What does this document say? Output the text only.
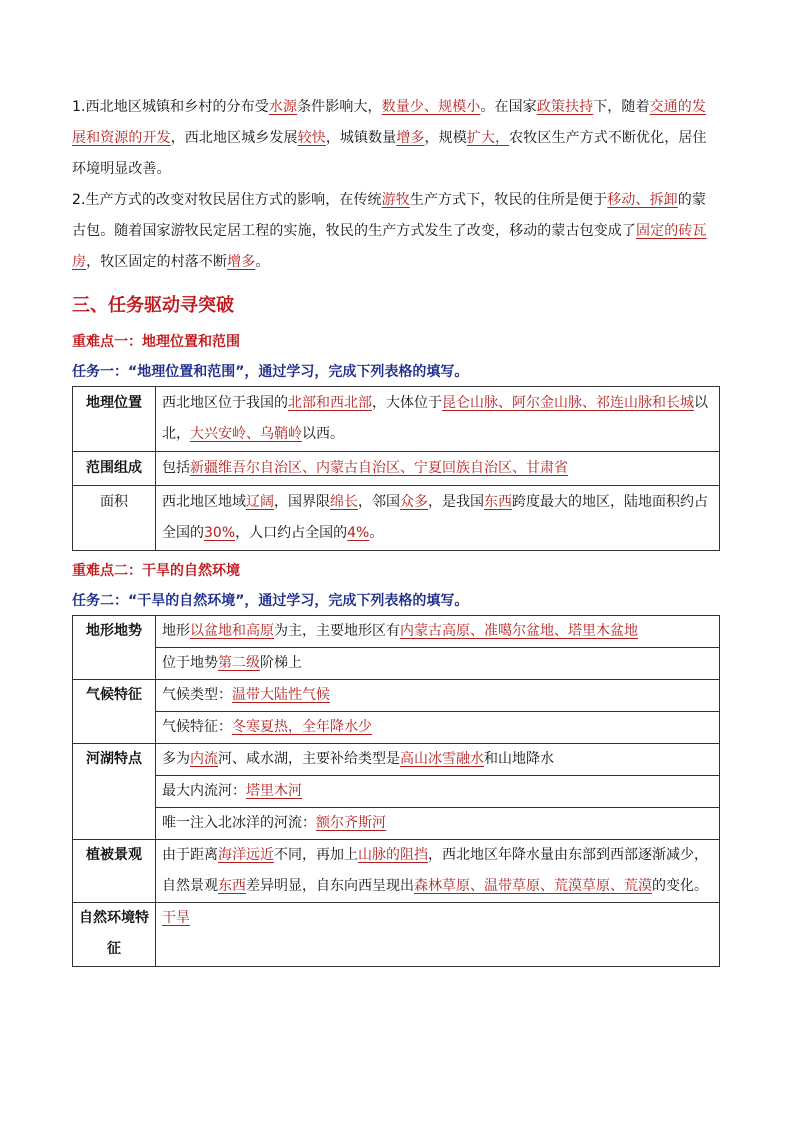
1.西北地区城镇和乡村的分布受水源条件影响大，数量少、规模小。在国家政策扶持下，随着交通的发展和资源的开发，西北地区城乡发展较快，城镇数量增多，规模扩大，农牧区生产方式不断优化，居住环境明显改善。

2.生产方式的改变对牧民居住方式的影响，在传统游牧生产方式下，牧民的住所是便于移动、拆卸的蒙古包。随着国家游牧民定居工程的实施，牧民的生产方式发生了改变，移动的蒙古包变成了固定的砖瓦房，牧区固定的村落不断增多。

三、任务驱动寻突破
重难点一：地理位置和范围
任务一：“地理位置和范围”，通过学习，完成下列表格的填写。
地理位置	西北地区位于我国的北部和西北部，大体位于昆仑山脉、阿尔金山脉、祁连山脉和长城以北，大兴安岭、乌鞘岭以西。
范围组成	包括新疆维吾尔自治区、内蒙古自治区、宁夏回族自治区、甘肃省
面积	西北地区地域辽阔，国界限绵长，邻国众多，是我国东西跨度最大的地区，陆地面积约占全国的30%，人口约占全国的4%。
重难点二：干旱的自然环境
任务二：“干旱的自然环境”，通过学习，完成下列表格的填写。
地形地势	地形以盆地和高原为主，主要地形区有内蒙古高原、准噶尔盆地、塔里木盆地
	位于地势第二级阶梯上
气候特征	气候类型：温带大陆性气候
	气候特征：冬寒夏热，全年降水少
河湖特点	多为内流河、咸水湖，主要补给类型是高山冰雪融水和山地降水
	最大内流河：塔里木河
	唯一注入北冰洋的河流：额尔齐斯河
植被景观	由于距离海洋远近不同，再加上山脉的阻挡，西北地区年降水量由东部到西部逐渐减少，自然景观东西差异明显，自东向西呈现出森林草原、温带草原、荒漠草原、荒漠的变化。
自然环境特征	干旱
